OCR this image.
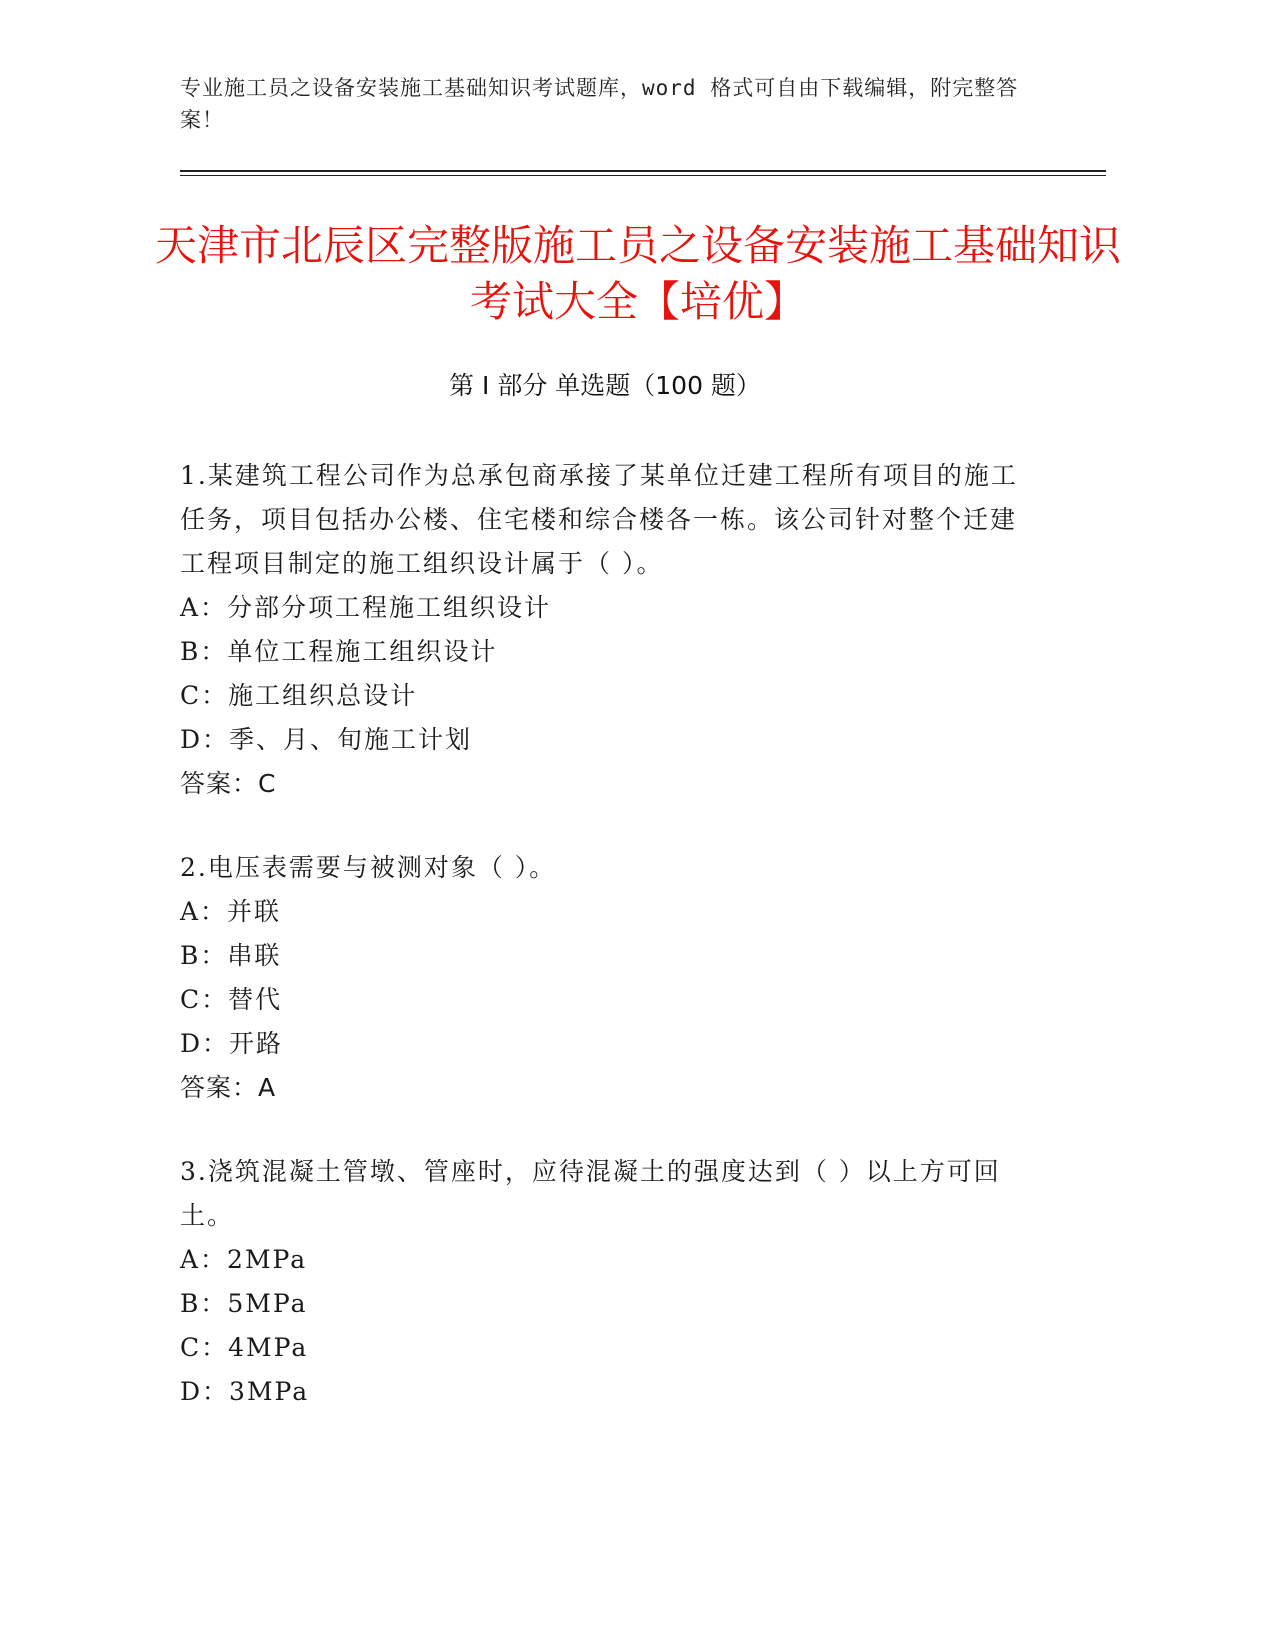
专业施工员之设备安装施工基础知识考试题库，word 格式可自由下载编辑，附完整答案！
天津市北辰区完整版施工员之设备安装施工基础知识考试大全【培优】
第 I 部分 单选题（100 题）

1.某建筑工程公司作为总承包商承接了某单位迁建工程所有项目的施工任务，项目包括办公楼、住宅楼和综合楼各一栋。该公司针对整个迁建工程项目制定的施工组织设计属于（ ）。

A：分部分项工程施工组织设计

B：单位工程施工组织设计

C：施工组织总设计

D：季、月、旬施工计划

答案：C

2.电压表需要与被测对象（ ）。

A：并联

B：串联

C：替代

D：开路

答案：A

3.浇筑混凝土管墩、管座时，应待混凝土的强度达到（ ）以上方可回土。

A：2MPa

B：5MPa

C：4MPa

D：3MPa
